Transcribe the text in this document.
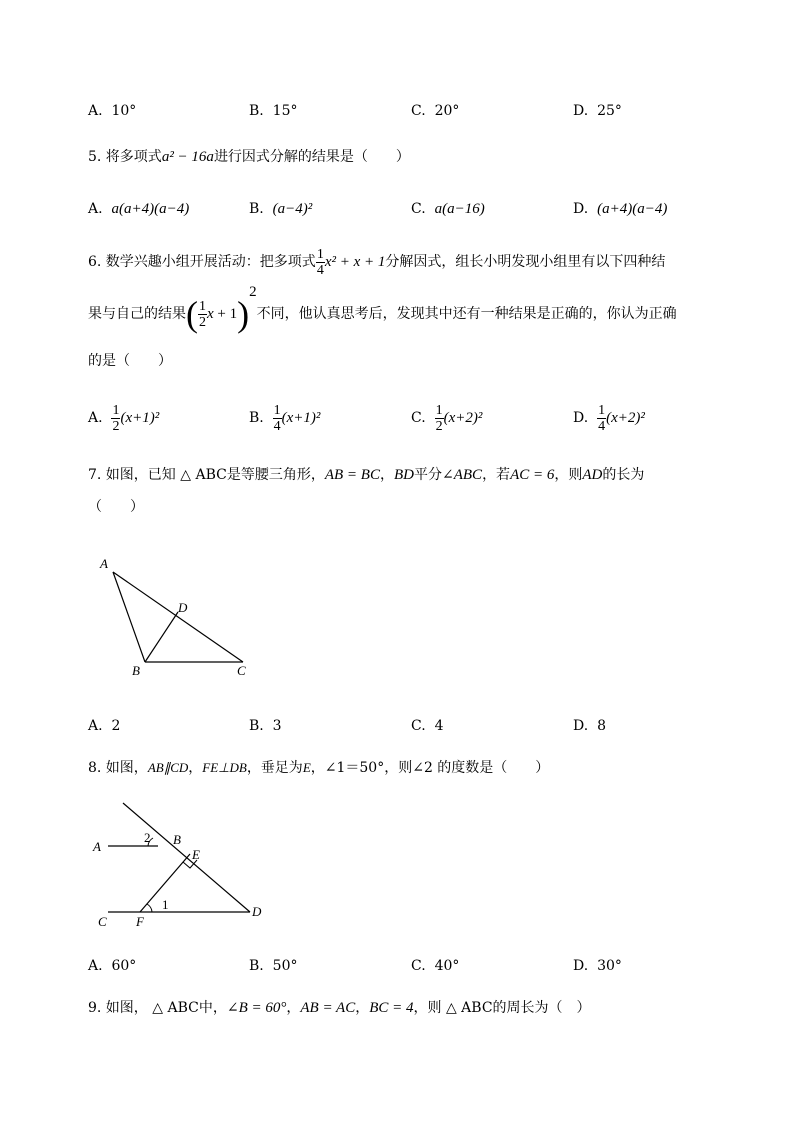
A. 10°	B. 15°	C. 20°	D. 25°
5. 将多项式a² − 16a进行因式分解的结果是（　　）
A. a(a+4)(a−4)	B. (a−4)²	C. a(a−16)	D. (a+4)(a−4)
6. 数学兴趣小组开展活动：把多项式 $\frac{1}{4} x^2 + x + 1$分解因式，组长小明发现小组里有以下四种结
果与自己的结果( $\frac{1}{2}$ x + 1)$^2$不同，他认真思考后，发现其中还有一种结果是正确的，你认为正确
的是（　　）
A. $\frac{1}{2} (x+1)^2$	B. $\frac{1}{4} (x+1)^2$	C. $\frac{1}{2} (x+2)^2$	D. $\frac{1}{4} (x+2)^2$
7. 如图，已知 △ ABC是等腰三角形，AB = BC，BD平分∠ABC，若AC = 6，则AD的长为
（　　）
A
D
B	C
A. 2	B. 3	C. 4	D. 8
8. 如图，AB∥CD，FE⊥DB，垂足为E，∠1＝50°，则∠2 的度数是（　　）
A	B
E
C F
D
1
2
A. 60°	B. 50°	C. 40°	D. 30°
9. 如图， △ ABC中，∠B = 60°，AB = AC，BC = 4，则 △ ABC的周长为（　）
